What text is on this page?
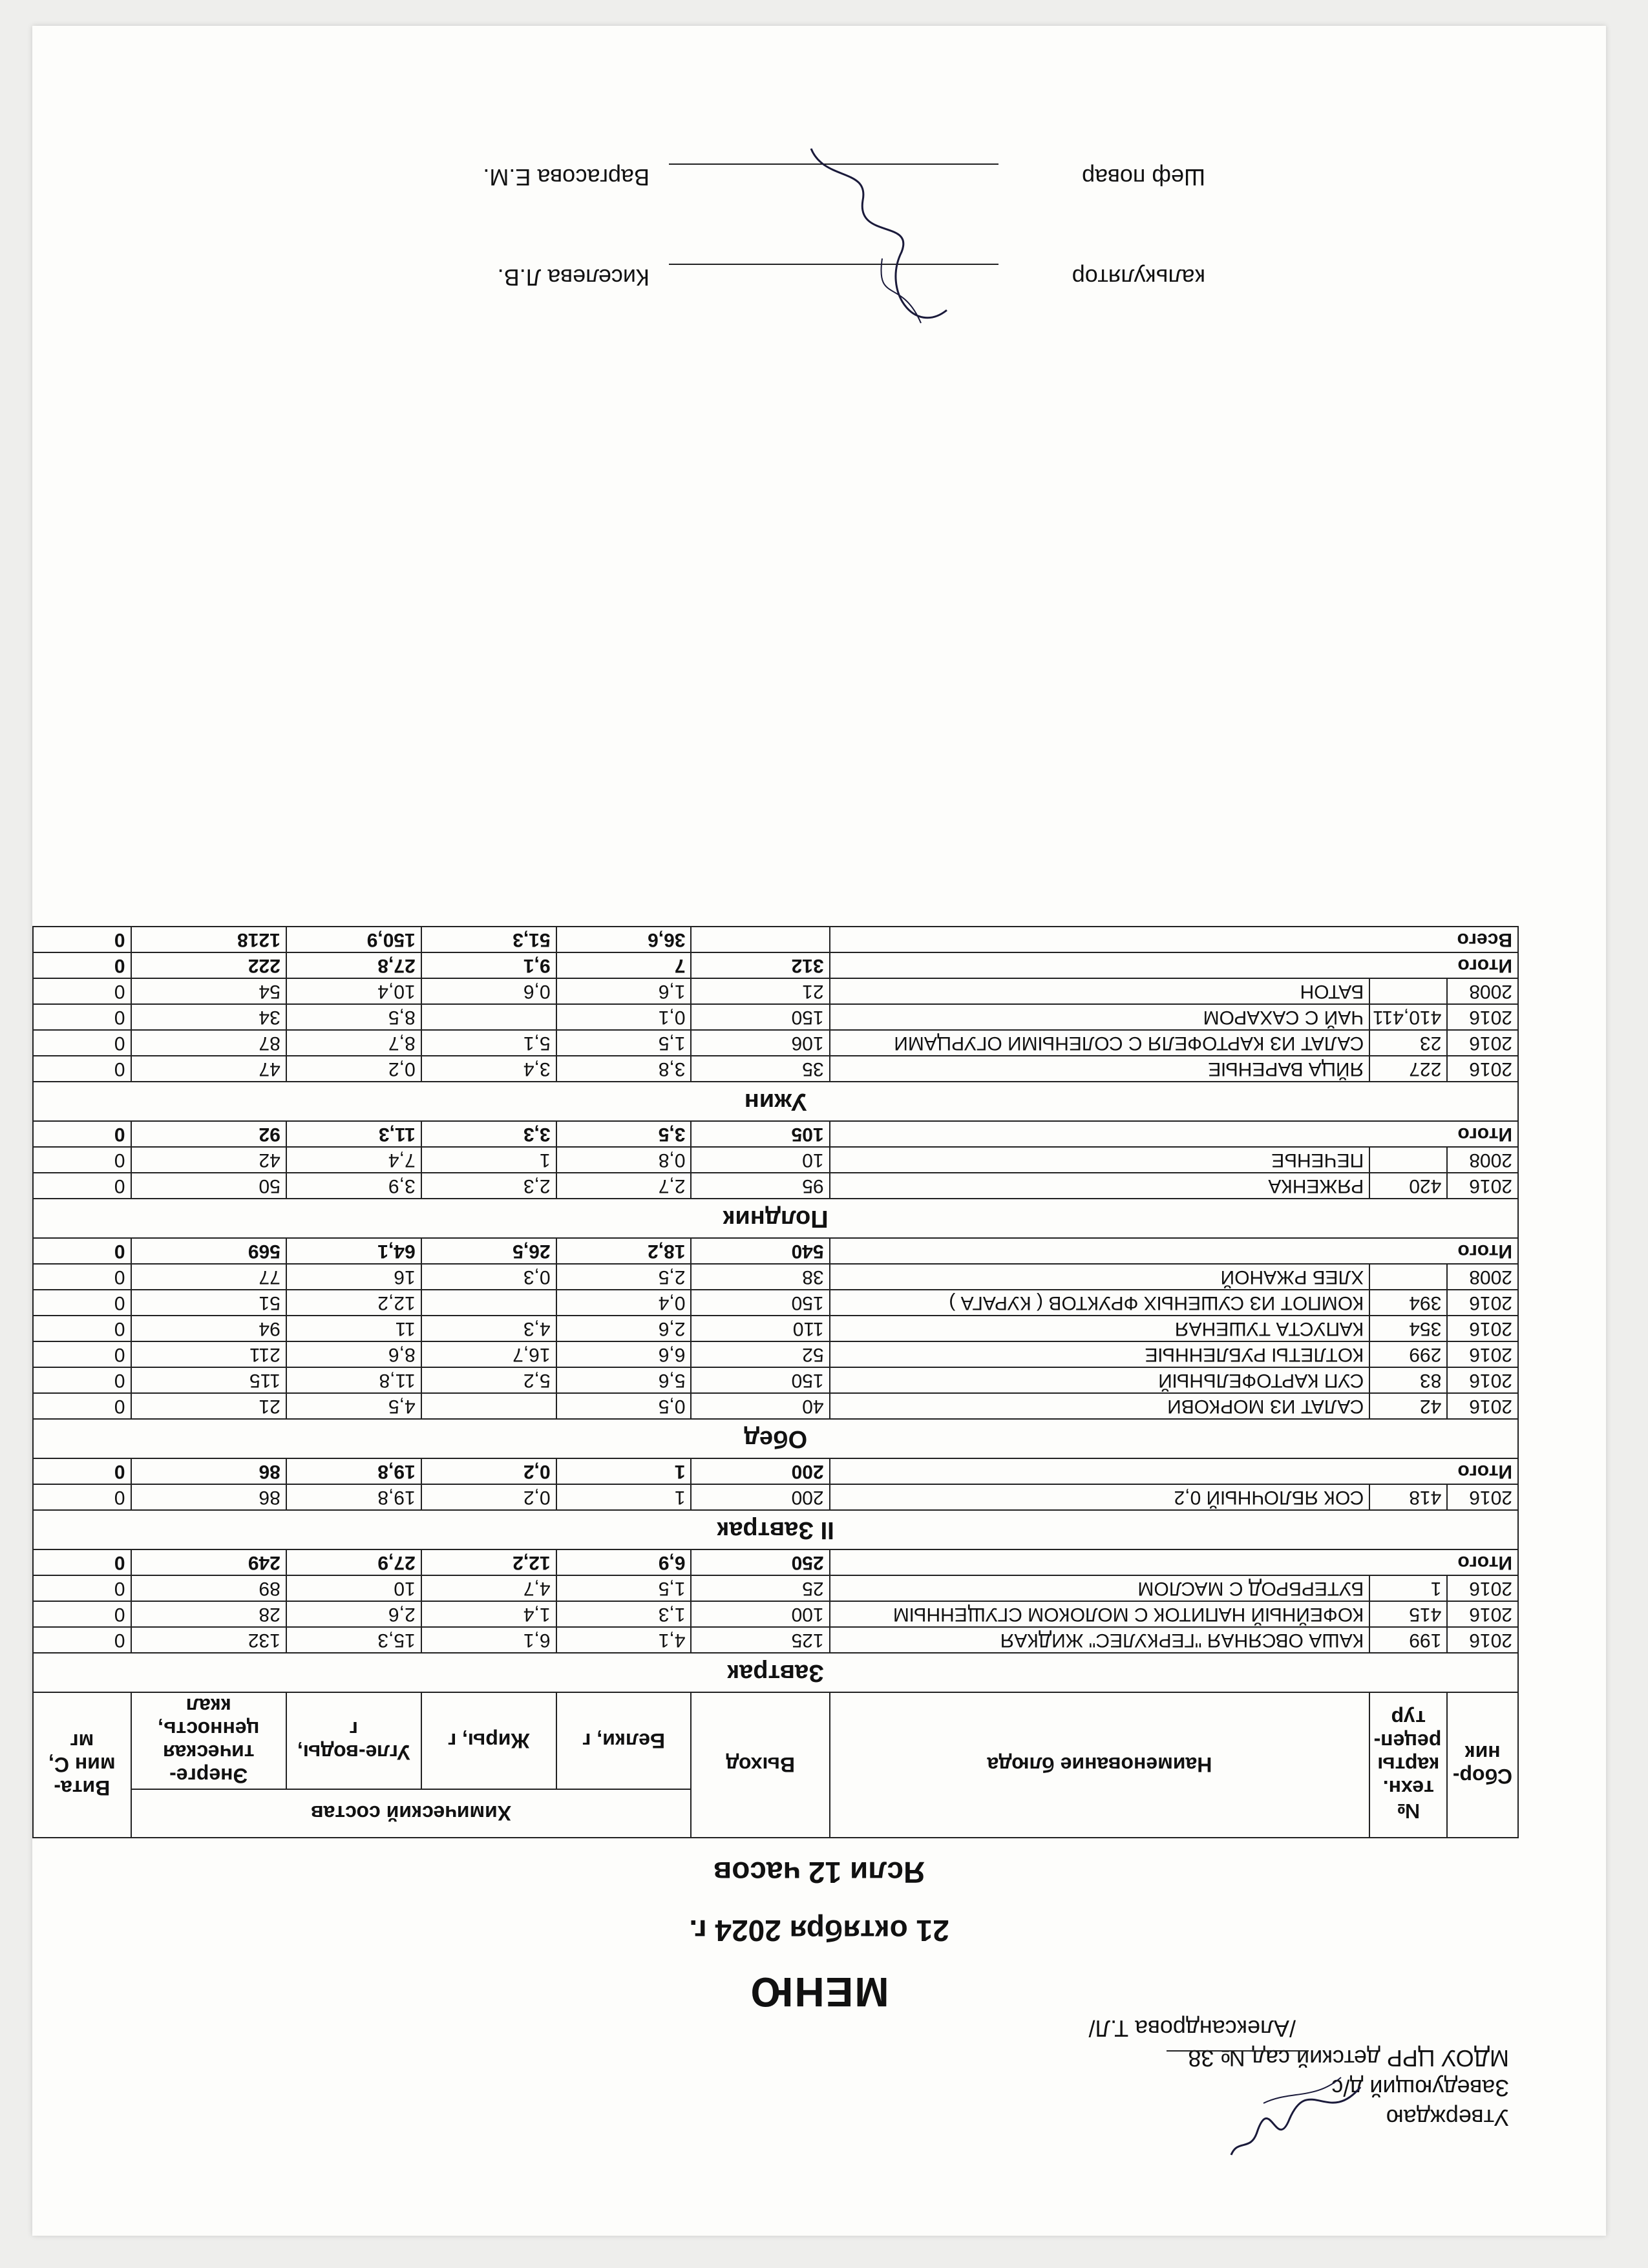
Утверждаю
Заведующий д/с
МДОУ ЦРР детский сад № 38
/Александрова Т.Л/
МЕНЮ
21 октября 2024 г.
Ясли 12 часов
Сбор-ник	№ техн. карты рецеп-тур	Наименование блюда	Выход	Химический состав				Вита-мин С, мг
				Белки, г	Жиры, г	Угле-воды, г	Энерге-тическая ценность, ккал	
Завтрак								
2016	199	КАША ОВСЯНАЯ "ГЕРКУЛЕС" ЖИДКАЯ	125	4,1	6,1	15,3	132	0
2016	415	КОФЕЙНЫЙ НАПИТОК С МОЛОКОМ СГУЩЕННЫМ	100	1,3	1,4	2,6	28	0
2016	1	БУТЕРБРОД С МАСЛОМ	25	1,5	4,7	10	89	0
Итого			250	6,9	12,2	27,9	249	0
II Завтрак								
2016	418	СОК ЯБЛОЧНЫЙ 0,2	200	1	0,2	19,8	86	0
Итого			200	1	0,2	19,8	86	0
Обед								
2016	42	САЛАТ ИЗ МОРКОВИ	40	0,5		4,5	21	0
2016	83	СУП КАРТОФЕЛЬНЫЙ	150	5,6	5,2	11,8	115	0
2016	299	КОТЛЕТЫ РУБЛЕННЫЕ	52	6,6	16,7	8,6	211	0
2016	354	КАПУСТА ТУШЕНАЯ	110	2,6	4,3	11	94	0
2016	394	КОМПОТ ИЗ СУШЕНЫХ ФРУКТОВ ( КУРАГА )	150	0,4		12,2	51	0
2008		ХЛЕБ РЖАНОЙ	38	2,5	0,3	16	77	0
Итого			540	18,2	26,5	64,1	569	0
Полдник								
2016	420	РЯЖЕНКА	95	2,7	2,3	3,9	50	0
2008		ПЕЧЕНЬЕ	10	0,8	1	7,4	42	0
Итого			105	3,5	3,3	11,3	92	0
Ужин								
2016	227	ЯЙЦА ВАРЕНЫЕ	35	3,8	3,4	0,2	47	0
2016	23	САЛАТ ИЗ КАРТОФЕЛЯ С СОЛЕНЫМИ ОГУРЦАМИ	106	1,5	5,1	8,7	87	0
2016	410,411	ЧАЙ С САХАРОМ	150	0,1		8,5	34	0
2008		БАТОН	21	1,6	0,6	10,4	54	0
Итого			312	7	9,1	27,8	222	0
Всего				36,6	51,3	150,9	1218	0
калькулятор
Киселева Л.В.
Шеф повар
Варгасова Е.М.
